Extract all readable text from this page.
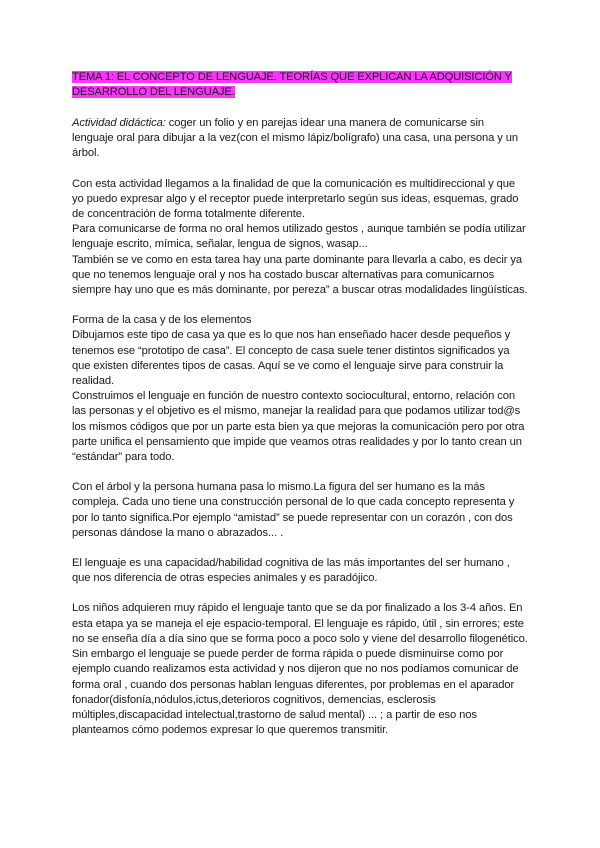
TEMA 1: EL CONCEPTO DE LENGUAJE. TEORÍAS QUE EXPLICAN LA ADQUISICIÓN Y DESARROLLO DEL LENGUAJE.

Actividad didáctica: coger un folio y en parejas idear una manera de comunicarse sin lenguaje oral para dibujar a la vez(con el mismo lápiz/bolígrafo) una casa, una persona y un árbol.

Con esta actividad llegamos a la finalidad de que la comunicación es multidireccional y que yo puedo expresar algo y el receptor puede interpretarlo según sus ideas, esquemas, grado de concentración de forma totalmente diferente.

Para comunicarse de forma no oral hemos utilizado gestos , aunque también se podía utilizar lenguaje escrito, mímica, señalar, lengua de signos, wasap...

También se ve como en esta tarea hay una parte dominante para llevarla a cabo, es decir ya que no tenemos lenguaje oral y nos ha costado buscar alternativas para comunicarnos siempre hay uno que es más dominante, por pereza” a buscar otras modalidades lingüísticas.

Forma de la casa y de los elementos

Dibujamos este tipo de casa ya que es lo que nos han enseñado hacer desde pequeños y tenemos ese “prototipo de casa”. El concepto de casa suele tener distintos significados ya que existen diferentes tipos de casas. Aquí se ve como el lenguaje sirve para construir la realidad.

Construimos el lenguaje en función de nuestro contexto sociocultural, entorno, relación con las personas y el objetivo es el mismo, manejar la realidad para que podamos utilizar tod@s los mismos códigos que por un parte esta bien ya que mejoras la comunicación pero por otra parte unifica el pensamiento que impide que veamos otras realidades y por lo tanto crean un “estándar” para todo.

Con el árbol y la persona humana pasa lo mismo.La figura del ser humano es la más compleja. Cada uno tiene una construcción personal de lo que cada concepto representa y por lo tanto significa.Por ejemplo “amistad” se puede representar con un corazón , con dos personas dándose la mano o abrazados... .

El lenguaje es una capacidad/habilidad cognitiva de las más importantes del ser humano , que nos diferencia de otras especies animales y es paradójico.

Los niños adquieren muy rápido el lenguaje tanto que se da por finalizado a los 3-4 años. En esta etapa ya se maneja el eje espacio-temporal. El lenguaje es rápido, útil , sin errores; este no se enseña día a día sino que se forma poco a poco solo y viene del desarrollo filogenético. Sin embargo el lenguaje se puede perder de forma rápida o puede disminuirse como por ejemplo cuando realizamos esta actividad y nos dijeron que no nos podíamos comunicar de forma oral , cuando dos personas hablan lenguas diferentes, por problemas en el aparador fonador(disfonía,nódulos,ictus,deterioros cognitivos, demencias, esclerosis múltiples,discapacidad intelectual,trastorno de salud mental) ... ; a partir de eso nos planteamos cómo podemos expresar lo que queremos transmitir.
